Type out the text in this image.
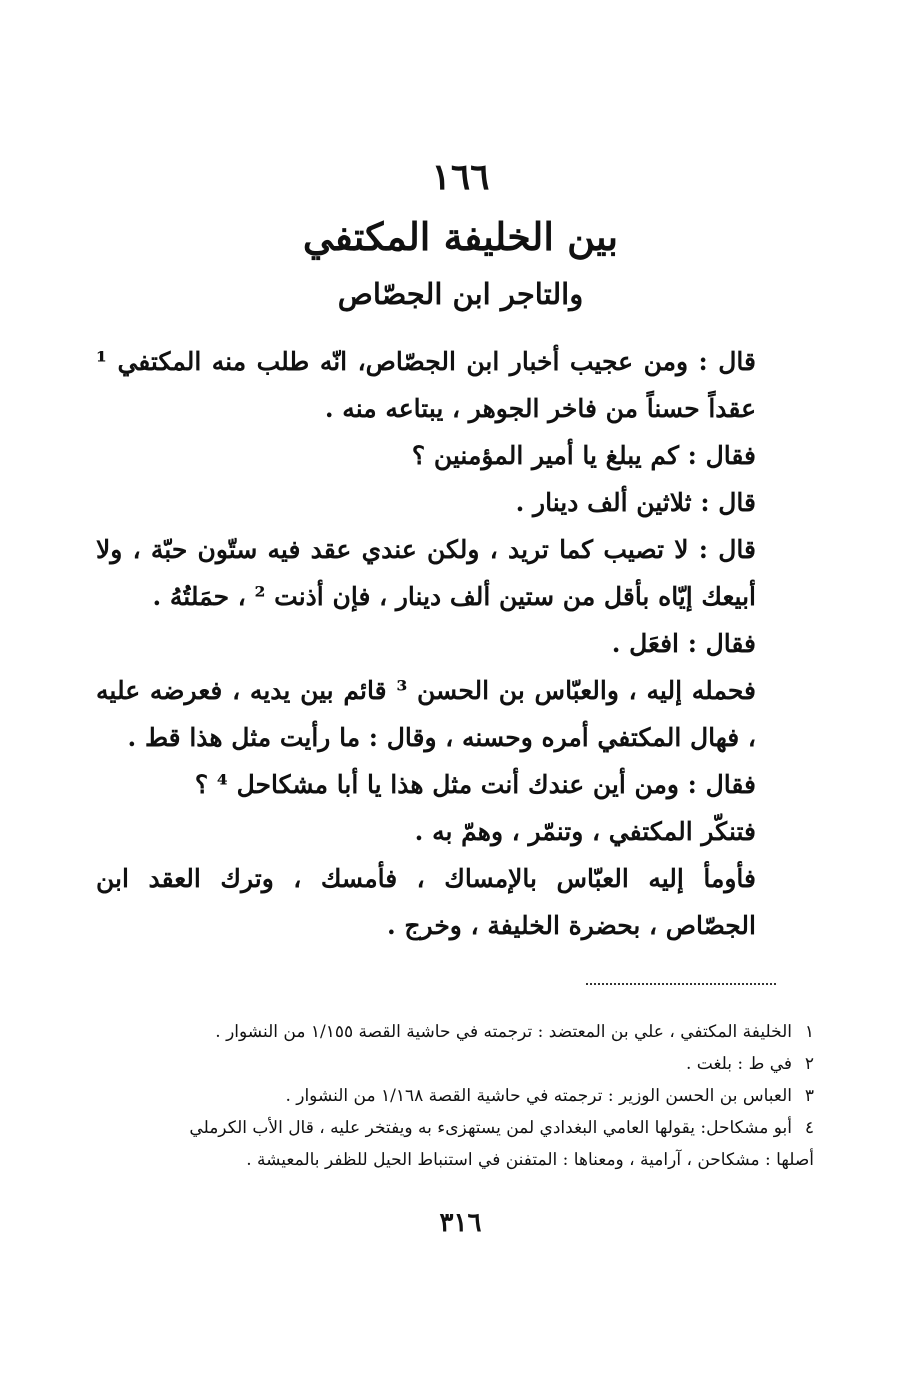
١٦٦
بين الخليفة المكتفي
والتاجر ابن الجصّاص

قال : ومن عجيب أخبار ابن الجصّاص، انّه طلب منه المكتفي ¹ عقداً حسناً من فاخر الجوهر ، يبتاعه منه .

فقال : كم يبلغ يا أمير المؤمنين ؟

قال : ثلاثين ألف دينار .

قال : لا تصيب كما تريد ، ولكن عندي عقد فيه ستّون حبّة ، ولا أبيعك إيّاه بأقل من ستين ألف دينار ، فإن أذنت ² ، حمَلتُهُ .

فقال : افعَل .

فحمله إليه ، والعبّاس بن الحسن ³ قائم بين يديه ، فعرضه عليه ، فهال المكتفي أمره وحسنه ، وقال : ما رأيت مثل هذا قط .

فقال : ومن أين عندك أنت مثل هذا يا أبا مشكاحل ⁴ ؟

فتنكّر المكتفي ، وتنمّر ، وهمّ به .

فأومأ إليه العبّاس بالإمساك ، فأمسك ، وترك العقد ابن الجصّاص ، بحضرة الخليفة ، وخرج .

١الخليفة المكتفي ، علي بن المعتضد : ترجمته في حاشية القصة ١/١٥٥ من النشوار .

٢في ط : بلغت .

٣العباس بن الحسن الوزير : ترجمته في حاشية القصة ١/١٦٨ من النشوار .

٤أبو مشكاحل: يقولها العامي البغدادي لمن يستهزىء به ويفتخر عليه ، قال الأب الكرملي

أصلها : مشكاحن ، آرامية ، ومعناها : المتفنن في استنباط الحيل للظفر بالمعيشة .

٣١٦
